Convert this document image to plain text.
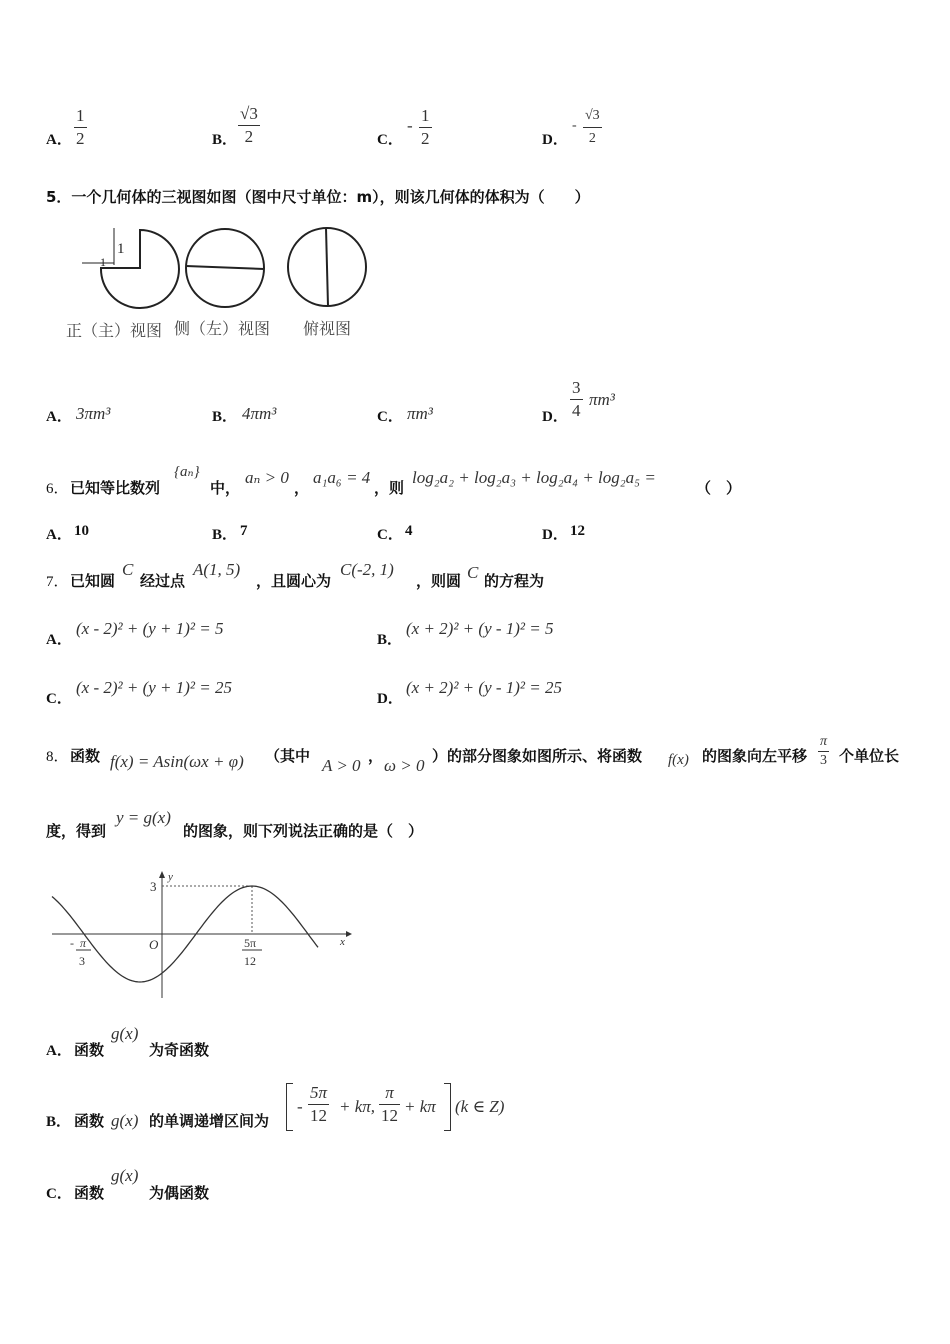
A．
1
2	B．
√3
2	C．
-
1
2	D．
-
√3
2
5．一个几何体的三视图如图（图中尺寸单位：m），则该几何体的体积为（　　）
1
1
正（主）视图 侧（左）视图 俯视图
A． 3πm³	B． 4πm³	C． πm³	D．
3
4
πm³
6． 已知等比数列
{aₙ}
中，
aₙ > 0
，
a₁a₆ = 4
，则
log₂a₂ + log₂a₃ + log₂a₄ + log₂a₅ =
（　）
A． 10	B． 7	C． 4	D． 12
7． 已知圆
C
经过点
A(1, 5)
，且圆心为
C(-2, 1)
，则圆 C 的方程为
A．
(x - 2)² + (y + 1)² = 5
B．
(x + 2)² + (y - 1)² = 5
C．
(x - 2)² + (y + 1)² = 25
D．
(x + 2)² + (y - 1)² = 25
8． 函数 f(x) = Asin(ωx + φ) （其中 A > 0 ， ω > 0 ）的部分图象如图所示、将函数 f(x) 的图象向左平移
π
3 个单位长
度，得到
y = g(x)
的图象，则下列说法正确的是（　）
y
x
3
O
- π
3
5π
12
A． 函数
g(x)
为奇函数
B． 函数 g(x) 的单调递增区间为
-
5π
12 + kπ,
π
12 + kπ (k ∈ Z)
C． 函数
g(x)
为偶函数
